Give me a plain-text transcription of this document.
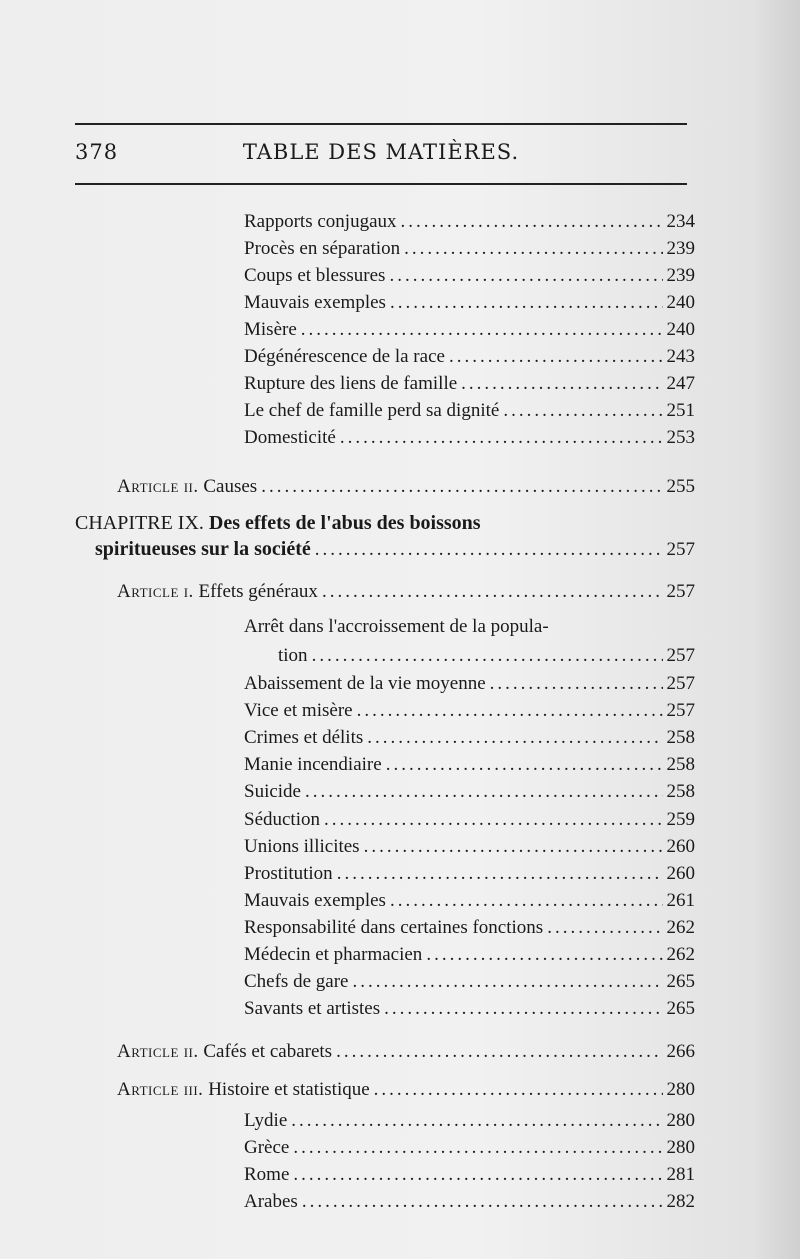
378	TABLE DES MATIÈRES.
Rapports conjugaux .....	234
Procès en séparation .....	239
Coups et blessures .....	239
Mauvais exemples .....	240
Misère .....	240
Dégénérescence de la race .....	243
Rupture des liens de famille .....	247
Le chef de famille perd sa dignité .....	251
Domesticité .....	253
Article ii. Causes .....	255
CHAPITRE IX. Des effets de l'abus des boissons
spiritueuses sur la société .....	257
Article i. Effets généraux .....	257
Arrêt dans l'accroissement de la popula-
tion .....	257
Abaissement de la vie moyenne .....	257
Vice et misère .....	257
Crimes et délits .....	258
Manie incendiaire .....	258
Suicide .....	258
Séduction .....	259
Unions illicites .....	260
Prostitution .....	260
Mauvais exemples .....	261
Responsabilité dans certaines fonctions .....	262
Médecin et pharmacien .....	262
Chefs de gare .....	265
Savants et artistes .....	265
Article ii. Cafés et cabarets .....	266
Article iii. Histoire et statistique .....	280
Lydie .....	280
Grèce .....	280
Rome .....	281
Arabes .....	282
